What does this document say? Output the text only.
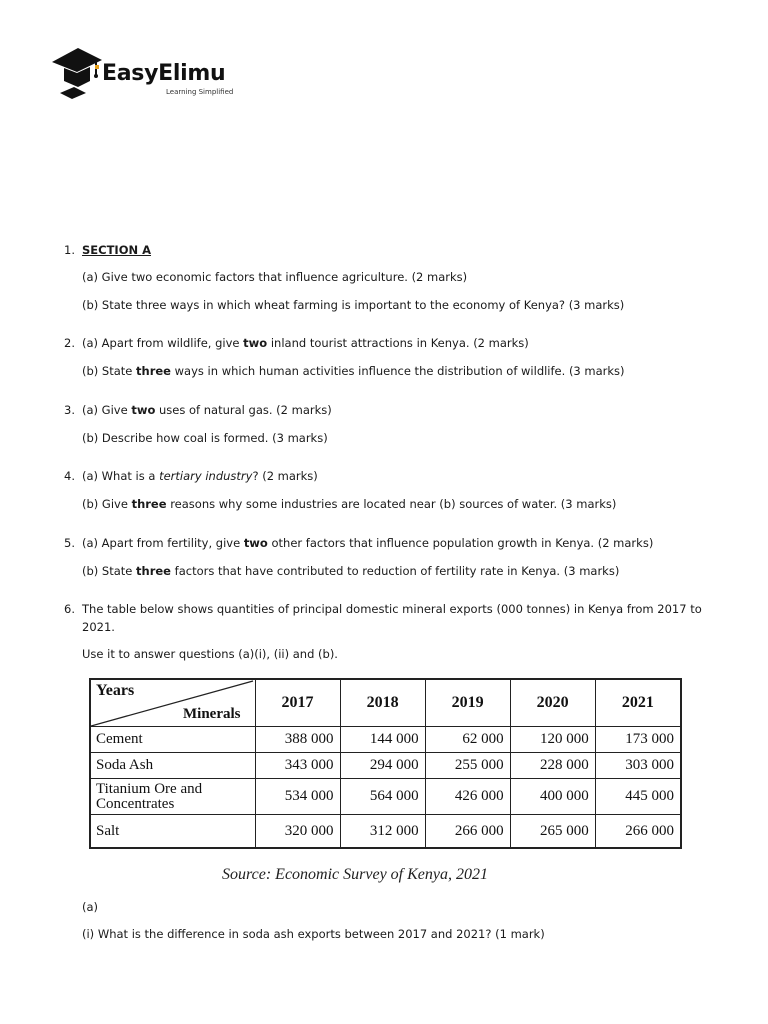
EasyElimu
Learning Simplified
1. SECTION A
(a) Give two economic factors that influence agriculture. (2 marks)
(b) State three ways in which wheat farming is important to the economy of Kenya? (3 marks)
2. (a) Apart from wildlife, give two inland tourist attractions in Kenya. (2 marks)
(b) State three ways in which human activities influence the distribution of wildlife. (3 marks)
3. (a) Give two uses of natural gas. (2 marks)
(b) Describe how coal is formed. (3 marks)
4. (a) What is a tertiary industry? (2 marks)
(b) Give three reasons why some industries are located near (b) sources of water. (3 marks)
5. (a) Apart from fertility, give two other factors that influence population growth in Kenya. (2 marks)
(b) State three factors that have contributed to reduction of fertility rate in Kenya. (3 marks)
6. The table below shows quantities of principal domestic mineral exports (000 tonnes) in Kenya from 2017 to
2021.
Use it to answer questions (a)(i), (ii) and (b).
Years
Minerals	2017	2018	2019	2020	2021
Cement	388 000	144 000	62 000	120 000	173 000
Soda Ash	343 000	294 000	255 000	228 000	303 000
Titanium Ore and
Concentrates	534 000	564 000	426 000	400 000	445 000
Salt	320 000	312 000	266 000	265 000	266 000
Source: Economic Survey of Kenya, 2021
(a)
(i) What is the difference in soda ash exports between 2017 and 2021? (1 mark)
